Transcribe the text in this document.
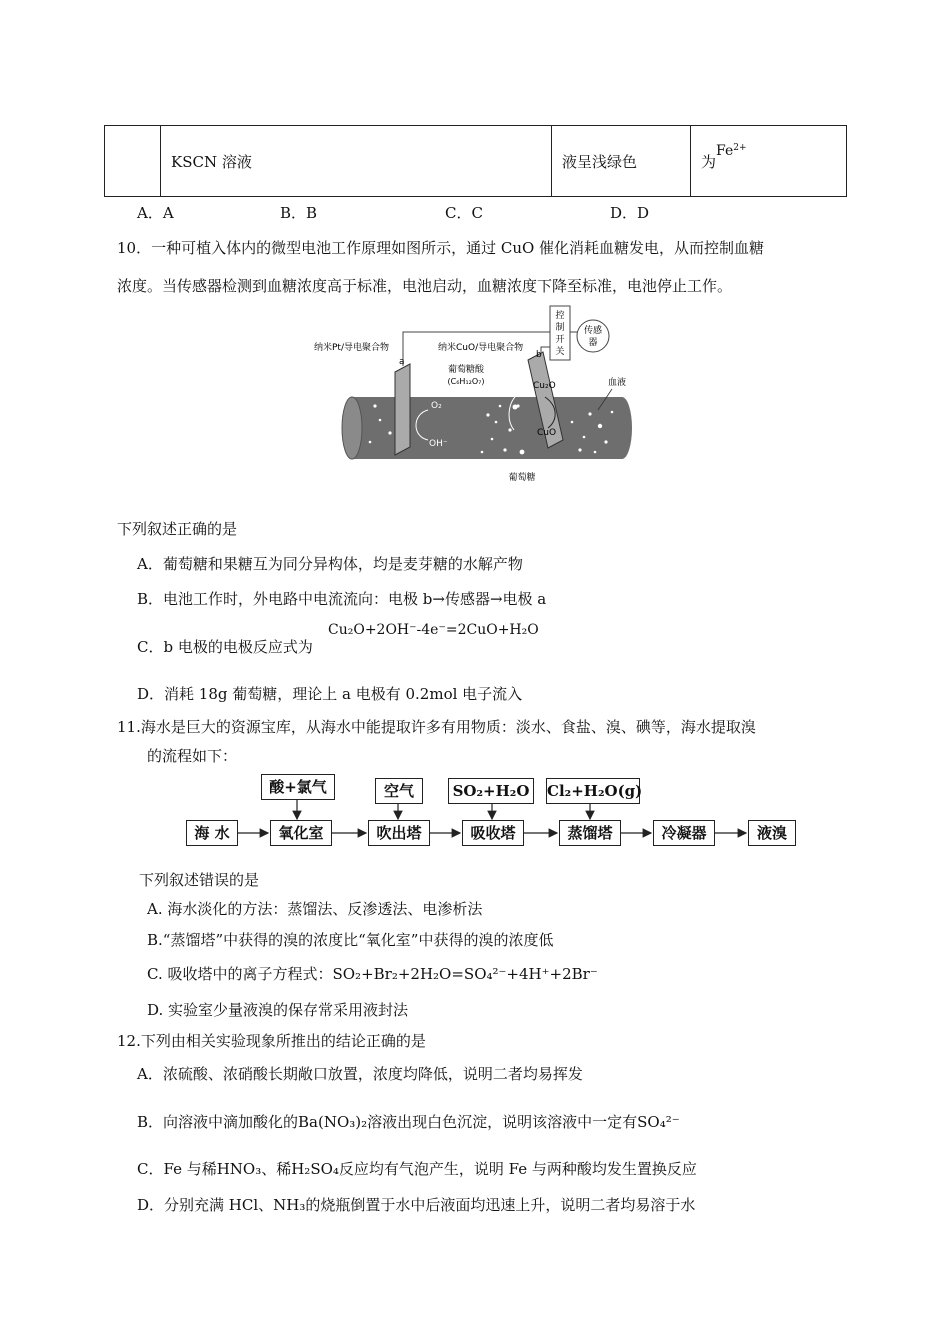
	KSCN 溶液	液呈浅绿色	为$Fe^{2+}$
A．A	B．B	C．C	D．D
10．一种可植入体内的微型电池工作原理如图所示，通过 CuO 催化消耗血糖发电，从而控制血糖
浓度。当传感器检测到血糖浓度高于标准，电池启动，血糖浓度下降至标准，电池停止工作。
控
制
开
关
传感
器
纳米Pt/导电聚合物
a
纳米CuO/导电聚合物
b
葡萄糖酸
(C₆H₁₂O₇)	Cu₂O
CuO
O₂
OH⁻
血液
葡萄糖
下列叙述正确的是
A．葡萄糖和果糖互为同分异构体，均是麦芽糖的水解产物
B．电池工作时，外电路中电流流向：电极 b→传感器→电极 a
C．b 电极的电极反应式为
Cu₂O+2OH⁻-4e⁻=2CuO+H₂O
D．消耗 18g 葡萄糖，理论上 a 电极有 0.2mol 电子流入
11.海水是巨大的资源宝库，从海水中能提取许多有用物质：淡水、食盐、溴、碘等，海水提取溴
的流程如下：
酸+氯气	空气	SO₂+H₂O	Cl₂+H₂O(g)
海 水	氧化室	吹出塔	吸收塔	蒸馏塔	冷凝器	液溴
下列叙述错误的是
A. 海水淡化的方法：蒸馏法、反渗透法、电渗析法
B.“蒸馏塔”中获得的溴的浓度比“氧化室”中获得的溴的浓度低
C. 吸收塔中的离子方程式：SO₂+Br₂+2H₂O=SO₄²⁻+4H⁺+2Br⁻
D. 实验室少量液溴的保存常采用液封法
12.下列由相关实验现象所推出的结论正确的是
A．浓硫酸、浓硝酸长期敞口放置，浓度均降低，说明二者均易挥发
B．向溶液中滴加酸化的Ba(NO₃)₂溶液出现白色沉淀，说明该溶液中一定有SO₄²⁻
C．Fe 与稀HNO₃、稀H₂SO₄反应均有气泡产生，说明 Fe 与两种酸均发生置换反应
D．分别充满 HCl、NH₃的烧瓶倒置于水中后液面均迅速上升，说明二者均易溶于水
